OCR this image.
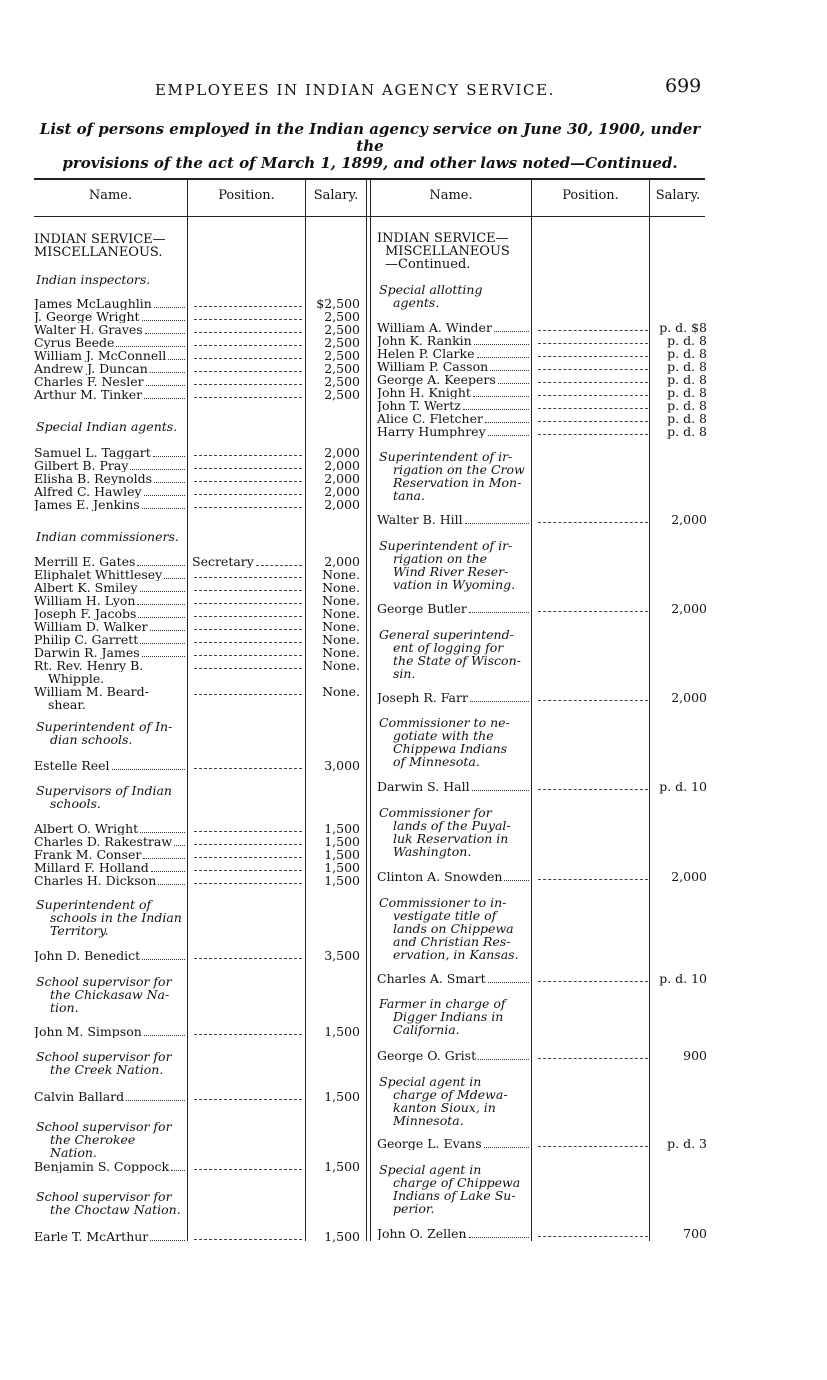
EMPLOYEES IN INDIAN AGENCY SERVICE.	699
List of persons employed in the Indian agency service on June 30, 1900, under the
provisions of the act of March 1, 1899, and other laws noted—Continued.
Name.	Position.	Salary.	Name.	Position.	Salary.
INDIAN SERVICE—
MISCELLANEOUS.
Indian inspectors.
James McLaughlin	$2,500
J. George Wright	2,500
Walter H. Graves	2,500
Cyrus Beede	2,500
William J. McConnell	2,500
Andrew J. Duncan	2,500
Charles F. Nesler	2,500
Arthur M. Tinker	2,500
Special Indian agents.
Samuel L. Taggart	2,000
Gilbert B. Pray	2,000
Elisha B. Reynolds	2,000
Alfred C. Hawley	2,000
James E. Jenkins	2,000
Indian commissioners.
Merrill E. Gates	Secretary	2,000
Eliphalet Whittlesey	None.
Albert K. Smiley	None.
William H. Lyon	None.
Joseph F. Jacobs	None.
William D. Walker	None.
Philip C. Garrett	None.
Darwin R. James	None.
Rt. Rev. Henry B.	None.
Whipple.
William M. Beard-	None.
shear.
Superintendent of In-
dian schools.
Estelle Reel	3,000
Supervisors of Indian
schools.
Albert O. Wright	1,500
Charles D. Rakestraw	1,500
Frank M. Conser	1,500
Millard F. Holland	1,500
Charles H. Dickson	1,500
Superintendent of
schools in the Indian
Territory.
John D. Benedict	3,500
School supervisor for
the Chickasaw Na-
tion.
John M. Simpson	1,500
School supervisor for
the Creek Nation.
Calvin Ballard	1,500
School supervisor for
the Cherokee Nation.
Benjamin S. Coppock	1,500
School supervisor for
the Choctaw Nation.
Earle T. McArthur	1,500
INDIAN SERVICE—
MISCELLANEOUS
—Continued.
Special allotting
agents.
William A. Winder	p. d. $8
John K. Rankin	p. d. 8
Helen P. Clarke	p. d. 8
William P. Casson	p. d. 8
George A. Keepers	p. d. 8
John H. Knight	p. d. 8
John T. Wertz	p. d. 8
Alice C. Fletcher	p. d. 8
Harry Humphrey	p. d. 8
Superintendent of ir-
rigation on the Crow
Reservation in Mon-
tana.
Walter B. Hill	2,000
Superintendent of ir-
rigation on the
Wind River Reser-
vation in Wyoming.
George Butler	2,000
General superintend-
ent of logging for
the State of Wiscon-
sin.
Joseph R. Farr	2,000
Commissioner to ne-
gotiate with the
Chippewa Indians
of Minnesota.
Darwin S. Hall	p. d. 10
Commissioner for
lands of the Puyal-
luk Reservation in
Washington.
Clinton A. Snowden	2,000
Commissioner to in-
vestigate title of
lands on Chippewa
and Christian Res-
ervation, in Kansas.
Charles A. Smart	p. d. 10
Farmer in charge of
Digger Indians in
California.
George O. Grist	900
Special agent in
charge of Mdewa-
kanton Sioux, in
Minnesota.
George L. Evans	p. d. 3
Special agent in
charge of Chippewa
Indians of Lake Su-
perior.
John O. Zellen	700
